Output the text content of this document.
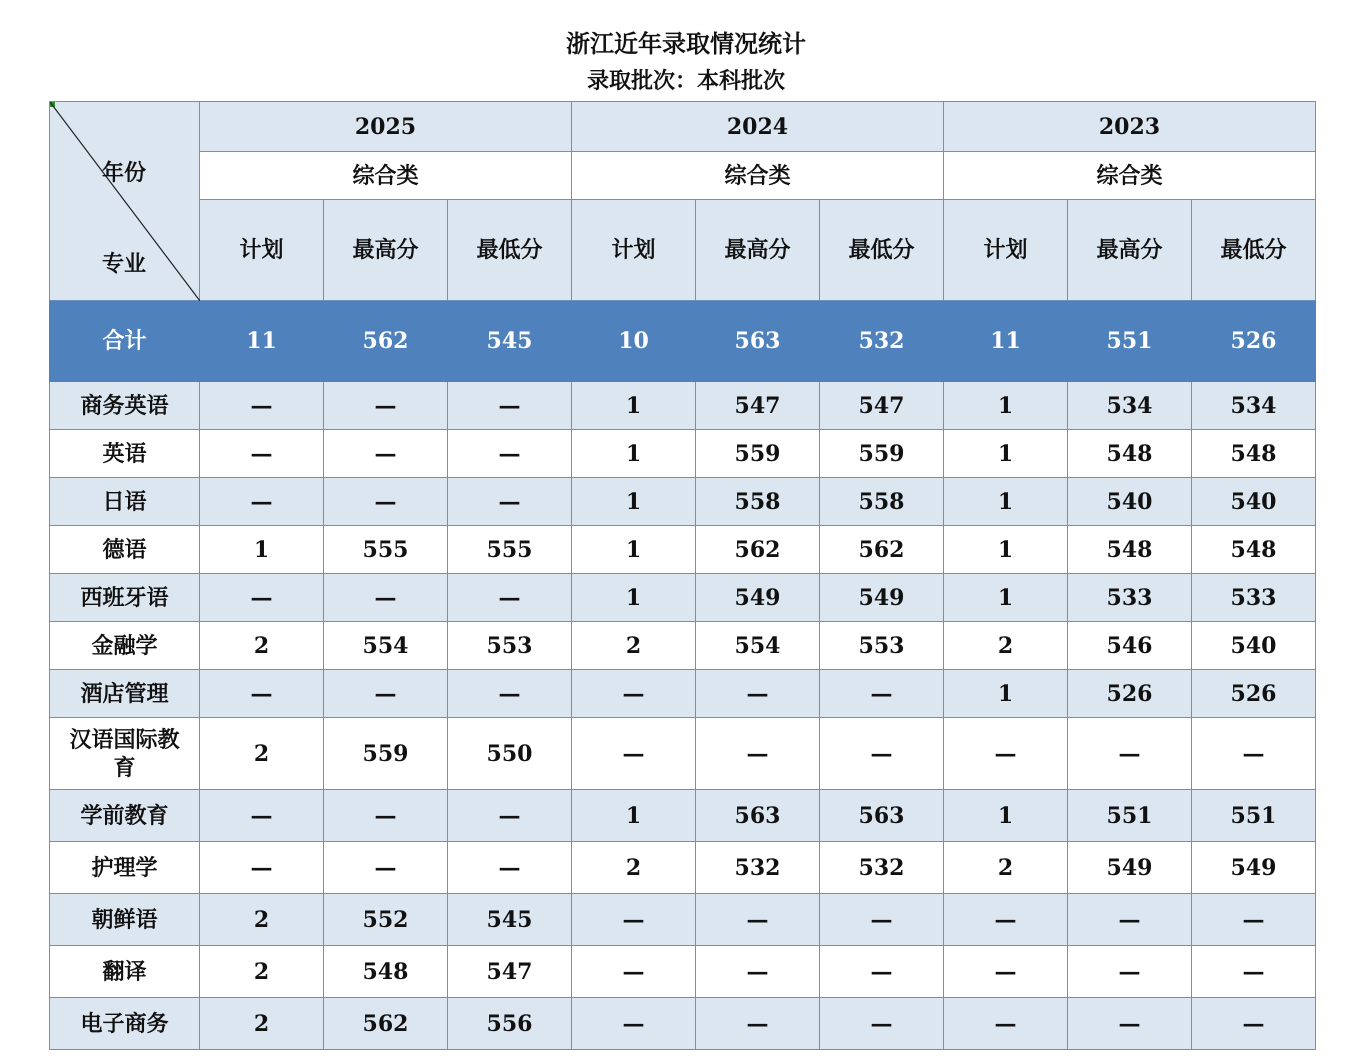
浙江近年录取情况统计
录取批次：本科批次
年份
专业	2025			2024			2023		
	综合类			综合类			综合类		
	计划	最高分	最低分	计划	最高分	最低分	计划	最高分	最低分
合计	11	562	545	10	563	532	11	551	526
商务英语	—	—	—	1	547	547	1	534	534
英语	—	—	—	1	559	559	1	548	548
日语	—	—	—	1	558	558	1	540	540
德语	1	555	555	1	562	562	1	548	548
西班牙语	—	—	—	1	549	549	1	533	533
金融学	2	554	553	2	554	553	2	546	540
酒店管理	—	—	—	—	—	—	1	526	526
汉语国际教育	2	559	550	—	—	—	—	—	—
学前教育	—	—	—	1	563	563	1	551	551
护理学	—	—	—	2	532	532	2	549	549
朝鲜语	2	552	545	—	—	—	—	—	—
翻译	2	548	547	—	—	—	—	—	—
电子商务	2	562	556	—	—	—	—	—	—
